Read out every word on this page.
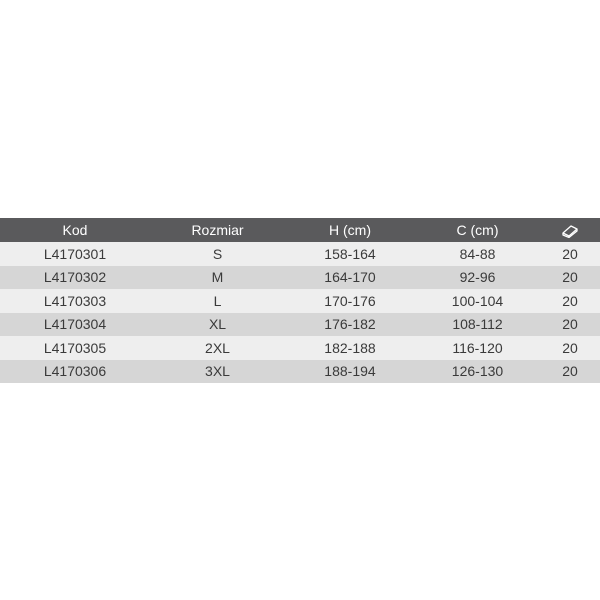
Kod	Rozmiar	H (cm)	C (cm)
L4170301	S	158-164	84-88	20
L4170302	M	164-170	92-96	20
L4170303	L	170-176	100-104	20
L4170304	XL	176-182	108-112	20
L4170305	2XL	182-188	116-120	20
L4170306	3XL	188-194	126-130	20
